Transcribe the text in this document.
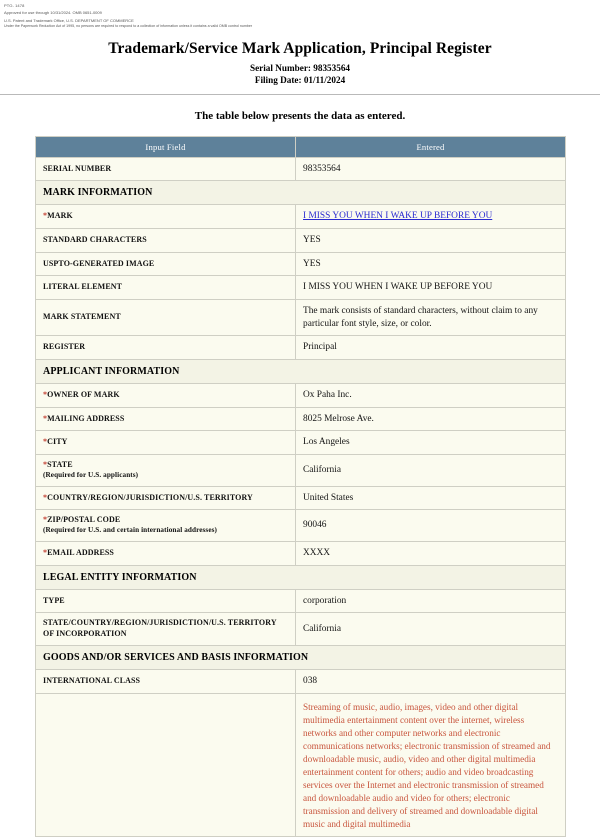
PTO- 1478
Approved for use through 10/31/2024. OMB 0651-0009
U.S. Patent and Trademark Office, U.S. DEPARTMENT OF COMMERCE
Under the Paperwork Reduction Act of 1995, no persons are required to respond to a collection of information unless it contains a valid OMB control number
Trademark/Service Mark Application, Principal Register
Serial Number: 98353564
Filing Date: 01/11/2024
The table below presents the data as entered.
Input Field	Entered
SERIAL NUMBER	98353564
MARK INFORMATION	
*MARK	I MISS YOU WHEN I WAKE UP BEFORE YOU
STANDARD CHARACTERS	YES
USPTO-GENERATED IMAGE	YES
LITERAL ELEMENT	I MISS YOU WHEN I WAKE UP BEFORE YOU
MARK STATEMENT	The mark consists of standard characters, without claim to any particular font style, size, or color.
REGISTER	Principal
APPLICANT INFORMATION	
*OWNER OF MARK	Ox Paha Inc.
*MAILING ADDRESS	8025 Melrose Ave.
*CITY	Los Angeles
*STATE
(Required for U.S. applicants)	California
*COUNTRY/REGION/JURISDICTION/U.S. TERRITORY	United States
*ZIP/POSTAL CODE
(Required for U.S. and certain international addresses)	90046
*EMAIL ADDRESS	XXXX
LEGAL ENTITY INFORMATION	
TYPE	corporation
STATE/COUNTRY/REGION/JURISDICTION/U.S. TERRITORY OF INCORPORATION	California
GOODS AND/OR SERVICES AND BASIS INFORMATION	
INTERNATIONAL CLASS	038
	Streaming of music, audio, images, video and other digital multimedia entertainment content over the internet, wireless networks and other computer networks and electronic communications networks; electronic transmission of streamed and downloadable music, audio, video and other digital multimedia entertainment content for others; audio and video broadcasting services over the Internet and electronic transmission of streamed and downloadable audio and video for others; electronic transmission and delivery of streamed and downloadable digital music and digital multimedia
